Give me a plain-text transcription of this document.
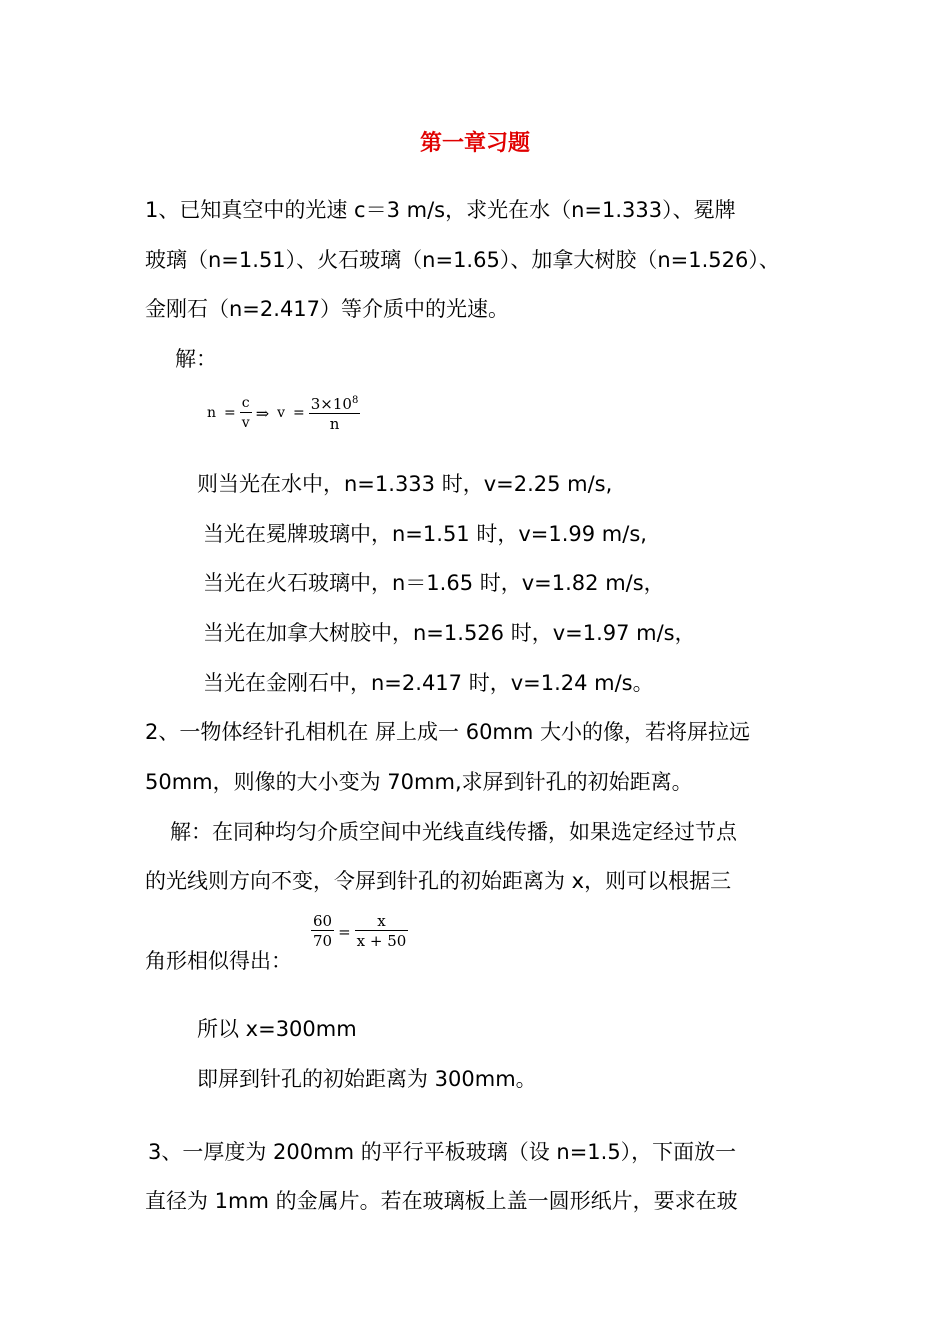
第一章习题
1、已知真空中的光速 c＝3 m/s，求光在水（n=1.333）、冕牌
玻璃（n=1.51）、火石玻璃（n=1.65）、加拿大树胶（n=1.526）、
金刚石（n=2.417）等介质中的光速。
解：
$n = \frac{c}{v}$ ⇒ $v = \frac{3\times 10^8}{n}$
则当光在水中，n=1.333 时，v=2.25 m/s,
当光在冕牌玻璃中，n=1.51 时，v=1.99 m/s,
当光在火石玻璃中，n＝1.65 时，v=1.82 m/s，
当光在加拿大树胶中，n=1.526 时，v=1.97 m/s，
当光在金刚石中，n=2.417 时，v=1.24 m/s。
2、一物体经针孔相机在 屏上成一 60mm 大小的像，若将屏拉远
50mm，则像的大小变为 70mm,求屏到针孔的初始距离。
解：在同种均匀介质空间中光线直线传播，如果选定经过节点
的光线则方向不变，令屏到针孔的初始距离为 x，则可以根据三
角形相似得出：
$\frac{60}{70} = \frac{x}{x + 50}$
所以 x=300mm
即屏到针孔的初始距离为 300mm。
3、一厚度为 200mm 的平行平板玻璃（设 n=1.5），下面放一
直径为 1mm 的金属片。若在玻璃板上盖一圆形纸片，要求在玻
